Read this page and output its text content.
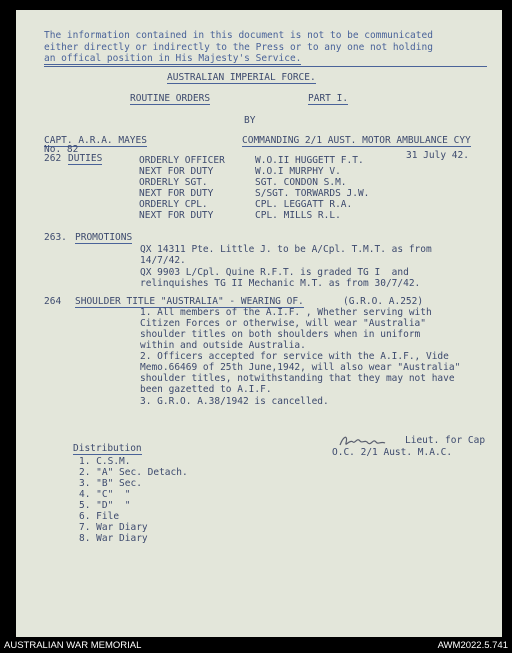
The information contained in this document is not to be communicated
either directly or indirectly to the Press or to any one not holding
an offical position in His Majesty's Service.
AUSTRALIAN IMPERIAL FORCE.
ROUTINE ORDERS	PART I.
BY
CAPT. A.R.A. MAYES	COMMANDING 2/1 AUST. MOTOR AMBULANCE CYY
No. 82
31 July 42.
262 DUTIES	ORDERLY OFFICER	W.O.II HUGGETT F.T.
NEXT FOR DUTY	W.O.I MURPHY V.
ORDERLY SGT.	SGT. CONDON S.M.
NEXT FOR DUTY	S/SGT. TORWARDS J.W.
ORDERLY CPL.	CPL. LEGGATT R.A.
NEXT FOR DUTY	CPL. MILLS R.L.
263. PROMOTIONS
QX 14311 Pte. Little J. to be A/Cpl. T.M.T. as from
14/7/42.
QX 9903 L/Cpl. Quine R.F.T. is graded TG I  and
relinquishes TG II Mechanic M.T. as from 30/7/42.
264 SHOULDER TITLE "AUSTRALIA" - WEARING OF.	(G.R.O. A.252)
1. All members of the A.I.F. , Whether serving with
Citizen Forces or otherwise, will wear "Australia"
shoulder titles on both shoulders when in uniform
within and outside Australia.
2. Officers accepted for service with the A.I.F., Vide
Memo.66469 of 25th June,1942, will also wear "Australia"
shoulder titles, notwithstanding that they may not have
been gazetted to A.I.F.
3. G.R.O. A.38/1942 is cancelled.
Lieut. for Cap
O.C. 2/1 Aust. M.A.C.
Distribution
1. C.S.M.
2. "A" Sec. Detach.
3. "B" Sec.
4. "C"  "
5. "D"  "
6. File
7. War Diary
8. War Diary
AUSTRALIAN WAR MEMORIAL	AWM2022.5.741
